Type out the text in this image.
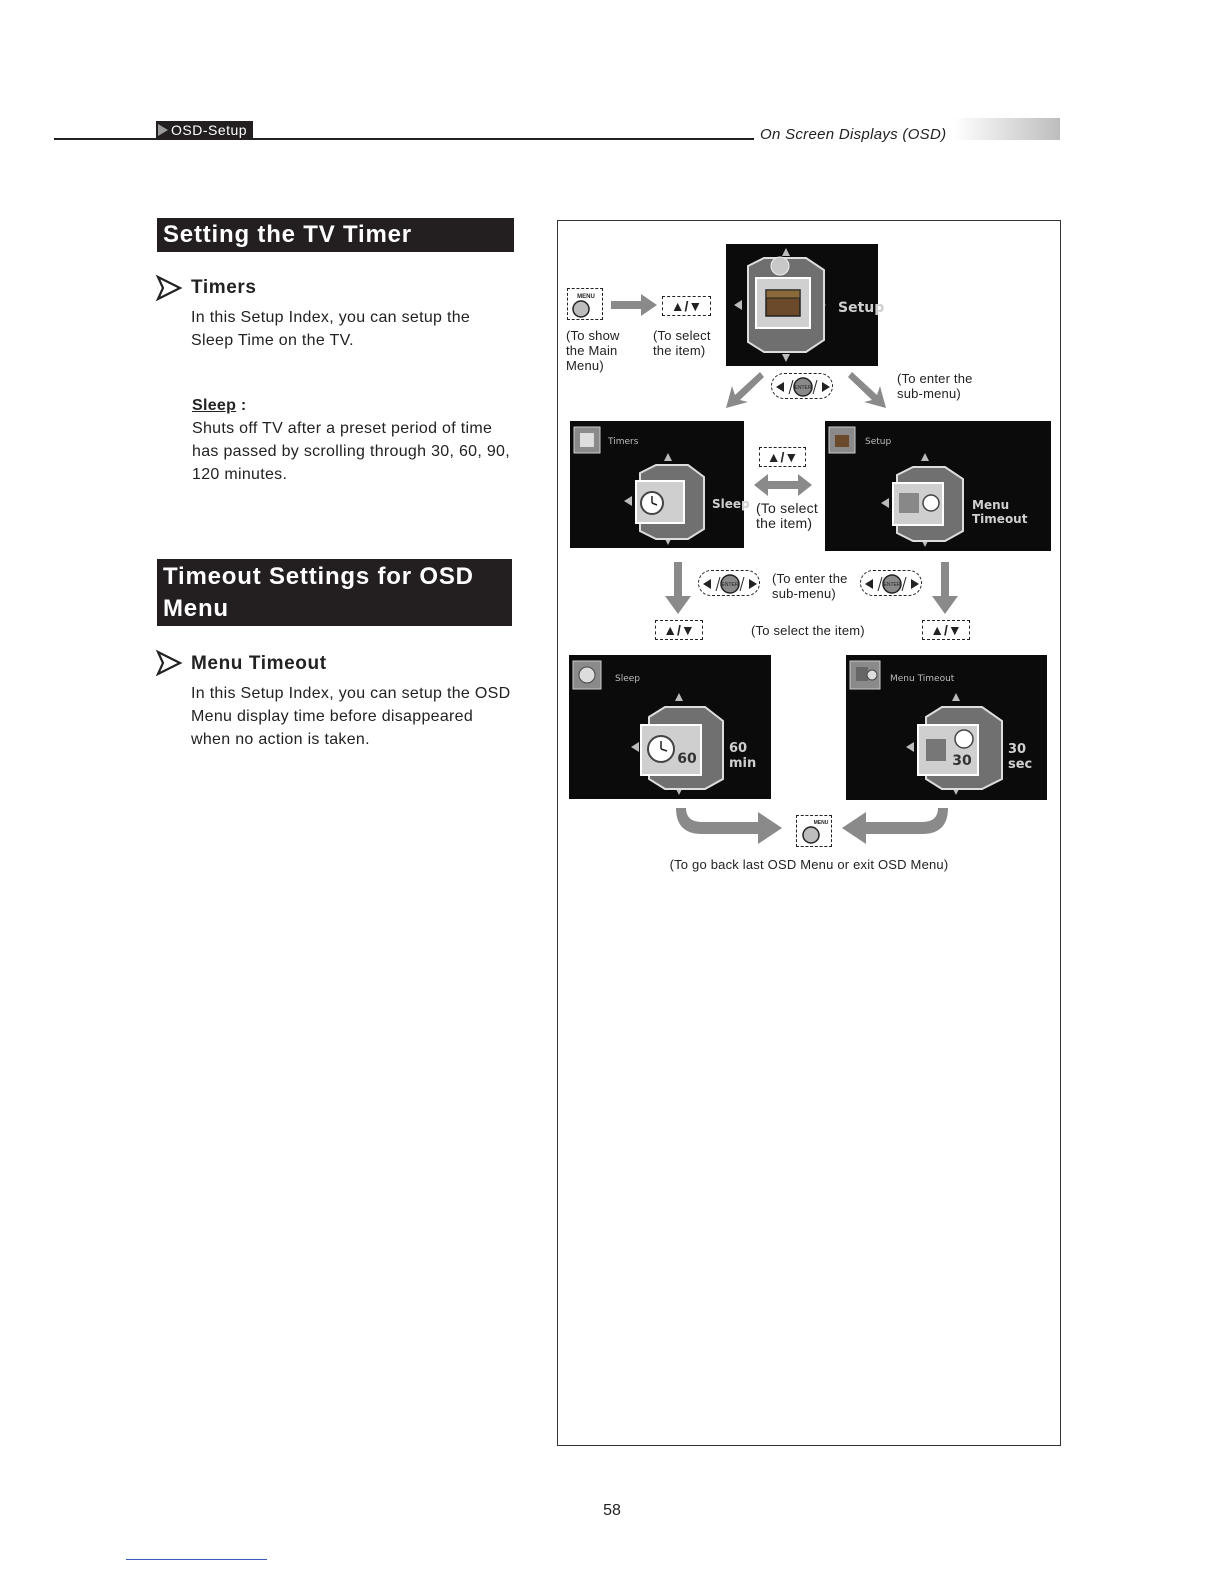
OSD-Setup	On Screen Displays (OSD)
Setting the TV Timer
Timers
In this Setup Index, you can setup the Sleep Time on the TV.
Sleep :
Shuts off TV after a preset period of time has passed by scrolling through 30, 60, 90, 120 minutes.
Timeout Settings for OSD
Menu
Menu Timeout
In this Setup Index, you can setup the OSD Menu display time before disappeared when no action is taken.
MENU
▲/▼
(To show
the Main
Menu)
(To select
the item)
Setup
ENTER
(To enter the
sub-menu)
Timers
Sleep
▲/▼
(To select
the item)
Setup
Menu Timeout
ENTER	(To enter the
sub-menu)
ENTER
▲/▼	(To select the item)	▲/▼
60
Sleep
60 min	30
Menu Timeout
30 sec
MENU
(To go back last OSD Menu or exit OSD Menu)
58
